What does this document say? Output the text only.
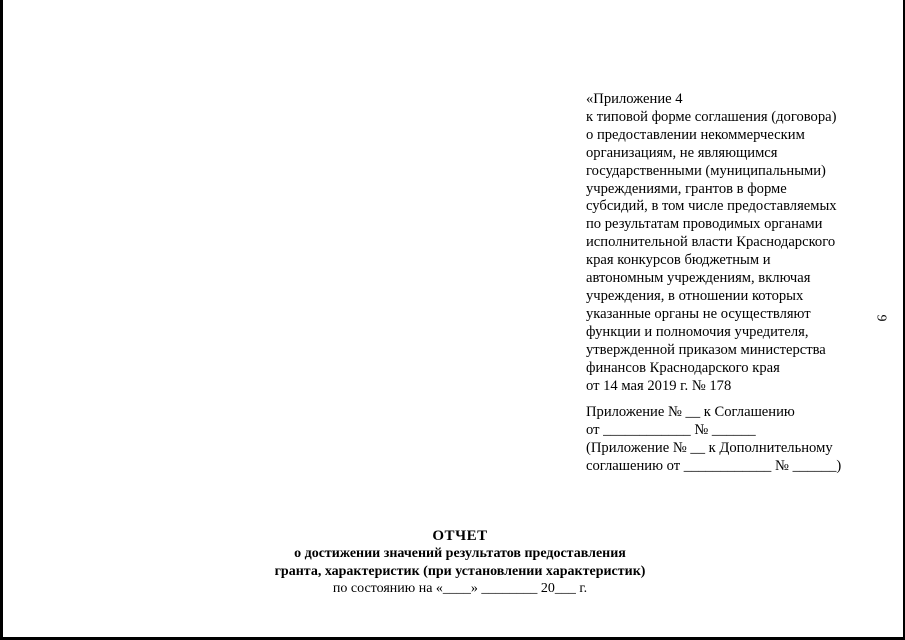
«Приложение 4
к типовой форме соглашения (договора)
о предоставлении некоммерческим
организациям, не являющимся
государственными (муниципальными)
учреждениями, грантов в форме
субсидий, в том числе предоставляемых
по результатам проводимых органами
исполнительной власти Краснодарского
края конкурсов бюджетным и
автономным учреждениям, включая
учреждения, в отношении которых
указанные органы не осуществляют
функции и полномочия учредителя,
утвержденной приказом министерства
финансов Краснодарского края
от 14 мая 2019 г. № 178
Приложение № __ к Соглашению
от ____________ № ______
(Приложение № __ к Дополнительному
соглашению от ____________ № ______)
9
ОТЧЕТ
о достижении значений результатов предоставления
гранта, характеристик (при установлении характеристик)
по состоянию на «____» ________ 20___ г.
